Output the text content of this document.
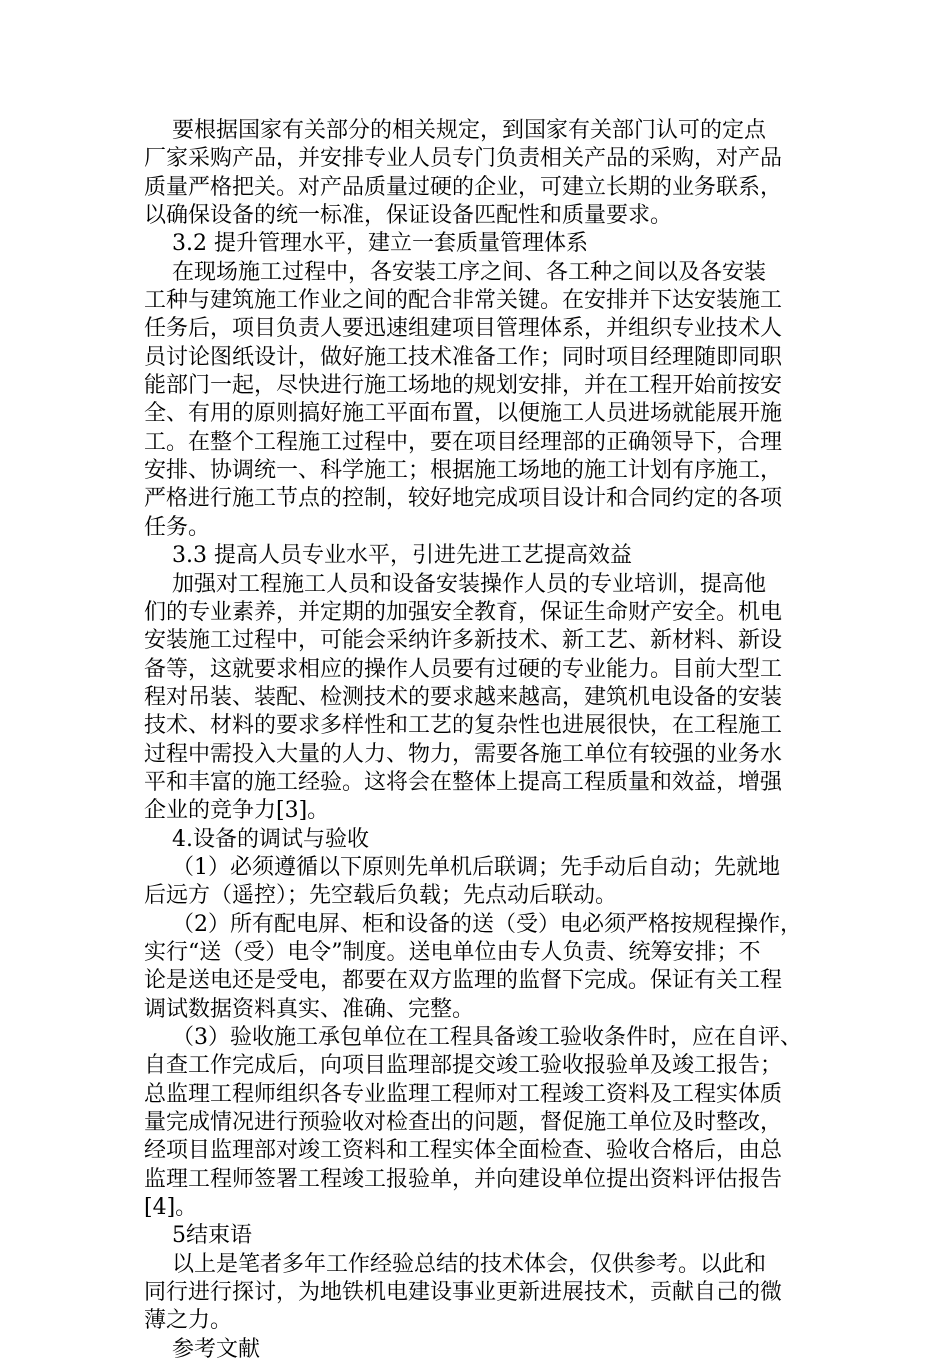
要根据国家有关部分的相关规定，到国家有关部门认可的定点
厂家采购产品，并安排专业人员专门负责相关产品的采购，对产品
质量严格把关。对产品质量过硬的企业，可建立长期的业务联系，
以确保设备的统一标准，保证设备匹配性和质量要求。
3.2 提升管理水平，建立一套质量管理体系
在现场施工过程中，各安装工序之间、各工种之间以及各安装
工种与建筑施工作业之间的配合非常关键。在安排并下达安装施工
任务后，项目负责人要迅速组建项目管理体系，并组织专业技术人
员讨论图纸设计，做好施工技术准备工作；同时项目经理随即同职
能部门一起，尽快进行施工场地的规划安排，并在工程开始前按安
全、有用的原则搞好施工平面布置，以便施工人员进场就能展开施
工。在整个工程施工过程中，要在项目经理部的正确领导下，合理
安排、协调统一、科学施工；根据施工场地的施工计划有序施工，
严格进行施工节点的控制，较好地完成项目设计和合同约定的各项
任务。
3.3 提高人员专业水平，引进先进工艺提高效益
加强对工程施工人员和设备安装操作人员的专业培训，提高他
们的专业素养，并定期的加强安全教育，保证生命财产安全。机电
安装施工过程中，可能会采纳许多新技术、新工艺、新材料、新设
备等，这就要求相应的操作人员要有过硬的专业能力。目前大型工
程对吊装、装配、检测技术的要求越来越高，建筑机电设备的安装
技术、材料的要求多样性和工艺的复杂性也进展很快，在工程施工
过程中需投入大量的人力、物力，需要各施工单位有较强的业务水
平和丰富的施工经验。这将会在整体上提高工程质量和效益，增强
企业的竞争力[3]。
4.设备的调试与验收
（1）必须遵循以下原则先单机后联调；先手动后自动；先就地
后远方（遥控）；先空载后负载；先点动后联动。
（2）所有配电屏、柜和设备的送（受）电必须严格按规程操作，
实行“送（受）电令”制度。送电单位由专人负责、统筹安排；不
论是送电还是受电，都要在双方监理的监督下完成。保证有关工程
调试数据资料真实、准确、完整。
（3）验收施工承包单位在工程具备竣工验收条件时，应在自评、
自查工作完成后，向项目监理部提交竣工验收报验单及竣工报告；
总监理工程师组织各专业监理工程师对工程竣工资料及工程实体质
量完成情况进行预验收对检查出的问题，督促施工单位及时整改，
经项目监理部对竣工资料和工程实体全面检查、验收合格后，由总
监理工程师签署工程竣工报验单，并向建设单位提出资料评估报告
[4]。
5结束语
以上是笔者多年工作经验总结的技术体会，仅供参考。以此和
同行进行探讨，为地铁机电建设事业更新进展技术，贡献自己的微
薄之力。
参考文献
